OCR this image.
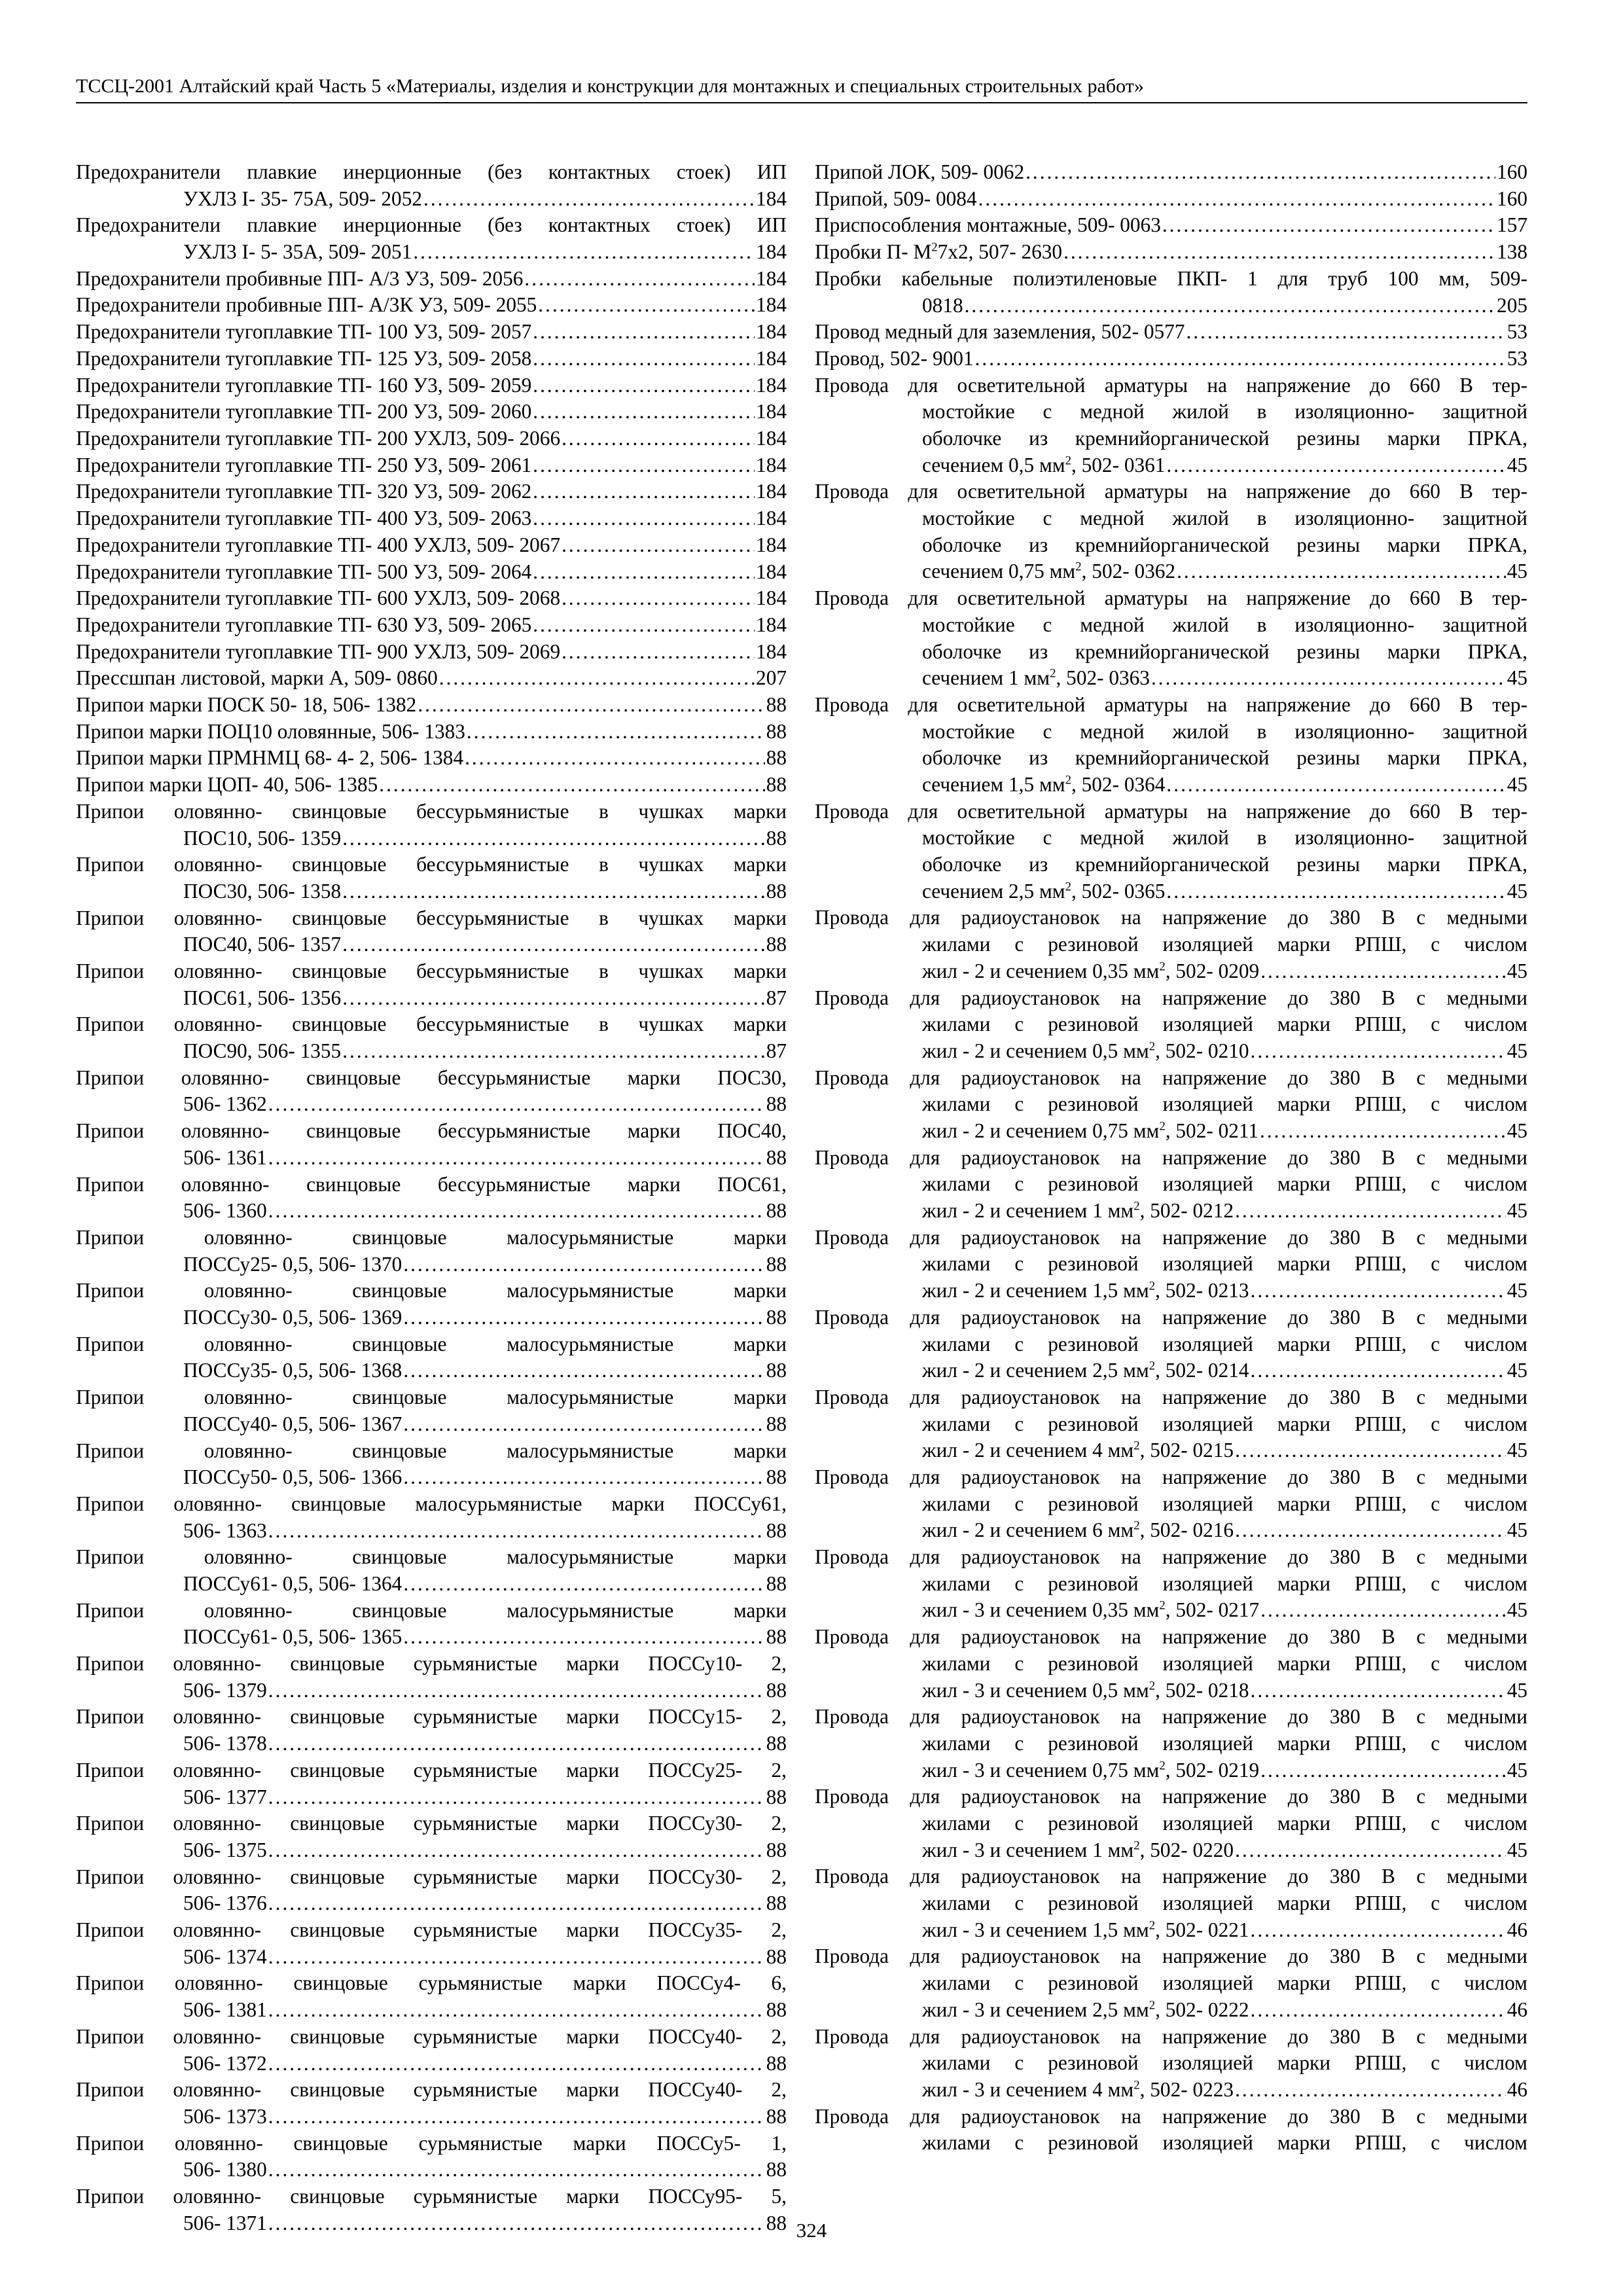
ТССЦ-2001 Алтайский край Часть 5 «Материалы, изделия и конструкции для монтажных и специальных строительных работ»
Предохранители плавкие инерционные (без контактных стоек) ИП
УХЛ3 I- 35- 75А, 509- 2052 .....	184
Предохранители плавкие инерционные (без контактных стоек) ИП
УХЛ3 I- 5- 35А, 509- 2051 .....	184
Предохранители пробивные ПП- А/3 У3, 509- 2056 .....	184
Предохранители пробивные ПП- А/3К У3, 509- 2055 .....	184
Предохранители тугоплавкие ТП- 100 У3, 509- 2057 .....	184
Предохранители тугоплавкие ТП- 125 У3, 509- 2058 .....	184
Предохранители тугоплавкие ТП- 160 У3, 509- 2059 .....	184
Предохранители тугоплавкие ТП- 200 У3, 509- 2060 .....	184
Предохранители тугоплавкие ТП- 200 УХЛ3, 509- 2066 .....	184
Предохранители тугоплавкие ТП- 250 У3, 509- 2061 .....	184
Предохранители тугоплавкие ТП- 320 У3, 509- 2062 .....	184
Предохранители тугоплавкие ТП- 400 У3, 509- 2063 .....	184
Предохранители тугоплавкие ТП- 400 УХЛ3, 509- 2067 .....	184
Предохранители тугоплавкие ТП- 500 У3, 509- 2064 .....	184
Предохранители тугоплавкие ТП- 600 УХЛ3, 509- 2068 .....	184
Предохранители тугоплавкие ТП- 630 У3, 509- 2065 .....	184
Предохранители тугоплавкие ТП- 900 УХЛ3, 509- 2069 .....	184
Прессшпан листовой, марки А, 509- 0860 .....	207
Припои марки ПОСК 50- 18, 506- 1382 .....	88
Припои марки ПОЦ10 оловянные, 506- 1383 .....	88
Припои марки ПРМНМЦ 68- 4- 2, 506- 1384 .....	88
Припои марки ЦОП- 40, 506- 1385 .....	88
Припои оловянно- свинцовые бессурьмянистые в чушках марки
ПОС10, 506- 1359 .....	88
Припои оловянно- свинцовые бессурьмянистые в чушках марки
ПОС30, 506- 1358 .....	88
Припои оловянно- свинцовые бессурьмянистые в чушках марки
ПОС40, 506- 1357 .....	88
Припои оловянно- свинцовые бессурьмянистые в чушках марки
ПОС61, 506- 1356 .....	87
Припои оловянно- свинцовые бессурьмянистые в чушках марки
ПОС90, 506- 1355 .....	87
Припои оловянно- свинцовые бессурьмянистые марки ПОС30,
506- 1362 .....	88
Припои оловянно- свинцовые бессурьмянистые марки ПОС40,
506- 1361 .....	88
Припои оловянно- свинцовые бессурьмянистые марки ПОС61,
506- 1360 .....	88
Припои оловянно- свинцовые малосурьмянистые марки
ПОССу25- 0,5, 506- 1370 .....	88
Припои оловянно- свинцовые малосурьмянистые марки
ПОССу30- 0,5, 506- 1369 .....	88
Припои оловянно- свинцовые малосурьмянистые марки
ПОССу35- 0,5, 506- 1368 .....	88
Припои оловянно- свинцовые малосурьмянистые марки
ПОССу40- 0,5, 506- 1367 .....	88
Припои оловянно- свинцовые малосурьмянистые марки
ПОССу50- 0,5, 506- 1366 .....	88
Припои оловянно- свинцовые малосурьмянистые марки ПОССу61,
506- 1363 .....	88
Припои оловянно- свинцовые малосурьмянистые марки
ПОССу61- 0,5, 506- 1364 .....	88
Припои оловянно- свинцовые малосурьмянистые марки
ПОССу61- 0,5, 506- 1365 .....	88
Припои оловянно- свинцовые сурьмянистые марки ПОССу10- 2,
506- 1379 .....	88
Припои оловянно- свинцовые сурьмянистые марки ПОССу15- 2,
506- 1378 .....	88
Припои оловянно- свинцовые сурьмянистые марки ПОССу25- 2,
506- 1377 .....	88
Припои оловянно- свинцовые сурьмянистые марки ПОССу30- 2,
506- 1375 .....	88
Припои оловянно- свинцовые сурьмянистые марки ПОССу30- 2,
506- 1376 .....	88
Припои оловянно- свинцовые сурьмянистые марки ПОССу35- 2,
506- 1374 .....	88
Припои оловянно- свинцовые сурьмянистые марки ПОССу4- 6,
506- 1381 .....	88
Припои оловянно- свинцовые сурьмянистые марки ПОССу40- 2,
506- 1372 .....	88
Припои оловянно- свинцовые сурьмянистые марки ПОССу40- 2,
506- 1373 .....	88
Припои оловянно- свинцовые сурьмянистые марки ПОССу5- 1,
506- 1380 .....	88
Припои оловянно- свинцовые сурьмянистые марки ПОССу95- 5,
506- 1371 .....	88
Припой ЛОК, 509- 0062 .....	160
Припой, 509- 0084 .....	160
Приспособления монтажные, 509- 0063 .....	157
Пробки П- $М^27х2$, 507- 2630 .....	138
Пробки кабельные полиэтиленовые ПКП- 1 для труб 100 мм, 509-
0818 .....	205
Провод медный для заземления, 502- 0577 .....	53
Провод, 502- 9001 .....	53
Провода для осветительной арматуры на напряжение до 660 В тер-
мостойкие с медной жилой в изоляционно- защитной
оболочке из кремнийорганической резины марки ПРКА,
сечением 0,5 $мм^2$, 502- 0361 .....	45
Провода для осветительной арматуры на напряжение до 660 В тер-
мостойкие с медной жилой в изоляционно- защитной
оболочке из кремнийорганической резины марки ПРКА,
сечением 0,75 $мм^2$, 502- 0362 .....	45
Провода для осветительной арматуры на напряжение до 660 В тер-
мостойкие с медной жилой в изоляционно- защитной
оболочке из кремнийорганической резины марки ПРКА,
сечением 1 $мм^2$, 502- 0363 .....	45
Провода для осветительной арматуры на напряжение до 660 В тер-
мостойкие с медной жилой в изоляционно- защитной
оболочке из кремнийорганической резины марки ПРКА,
сечением 1,5 $мм^2$, 502- 0364 .....	45
Провода для осветительной арматуры на напряжение до 660 В тер-
мостойкие с медной жилой в изоляционно- защитной
оболочке из кремнийорганической резины марки ПРКА,
сечением 2,5 $мм^2$, 502- 0365 .....	45
Провода для радиоустановок на напряжение до 380 В с медными
жилами с резиновой изоляцией марки РПШ, с числом
жил - 2 и сечением 0,35 $мм^2$, 502- 0209 .....	45
Провода для радиоустановок на напряжение до 380 В с медными
жилами с резиновой изоляцией марки РПШ, с числом
жил - 2 и сечением 0,5 $мм^2$, 502- 0210 .....	45
Провода для радиоустановок на напряжение до 380 В с медными
жилами с резиновой изоляцией марки РПШ, с числом
жил - 2 и сечением 0,75 $мм^2$, 502- 0211 .....	45
Провода для радиоустановок на напряжение до 380 В с медными
жилами с резиновой изоляцией марки РПШ, с числом
жил - 2 и сечением 1 $мм^2$, 502- 0212 .....	45
Провода для радиоустановок на напряжение до 380 В с медными
жилами с резиновой изоляцией марки РПШ, с числом
жил - 2 и сечением 1,5 $мм^2$, 502- 0213 .....	45
Провода для радиоустановок на напряжение до 380 В с медными
жилами с резиновой изоляцией марки РПШ, с числом
жил - 2 и сечением 2,5 $мм^2$, 502- 0214 .....	45
Провода для радиоустановок на напряжение до 380 В с медными
жилами с резиновой изоляцией марки РПШ, с числом
жил - 2 и сечением 4 $мм^2$, 502- 0215 .....	45
Провода для радиоустановок на напряжение до 380 В с медными
жилами с резиновой изоляцией марки РПШ, с числом
жил - 2 и сечением 6 $мм^2$, 502- 0216 .....	45
Провода для радиоустановок на напряжение до 380 В с медными
жилами с резиновой изоляцией марки РПШ, с числом
жил - 3 и сечением 0,35 $мм^2$, 502- 0217 .....	45
Провода для радиоустановок на напряжение до 380 В с медными
жилами с резиновой изоляцией марки РПШ, с числом
жил - 3 и сечением 0,5 $мм^2$, 502- 0218 .....	45
Провода для радиоустановок на напряжение до 380 В с медными
жилами с резиновой изоляцией марки РПШ, с числом
жил - 3 и сечением 0,75 $мм^2$, 502- 0219 .....	45
Провода для радиоустановок на напряжение до 380 В с медными
жилами с резиновой изоляцией марки РПШ, с числом
жил - 3 и сечением 1 $мм^2$, 502- 0220 .....	45
Провода для радиоустановок на напряжение до 380 В с медными
жилами с резиновой изоляцией марки РПШ, с числом
жил - 3 и сечением 1,5 $мм^2$, 502- 0221 .....	46
Провода для радиоустановок на напряжение до 380 В с медными
жилами с резиновой изоляцией марки РПШ, с числом
жил - 3 и сечением 2,5 $мм^2$, 502- 0222 .....	46
Провода для радиоустановок на напряжение до 380 В с медными
жилами с резиновой изоляцией марки РПШ, с числом
жил - 3 и сечением 4 $мм^2$, 502- 0223 .....	46
Провода для радиоустановок на напряжение до 380 В с медными
жилами с резиновой изоляцией марки РПШ, с числом
324
